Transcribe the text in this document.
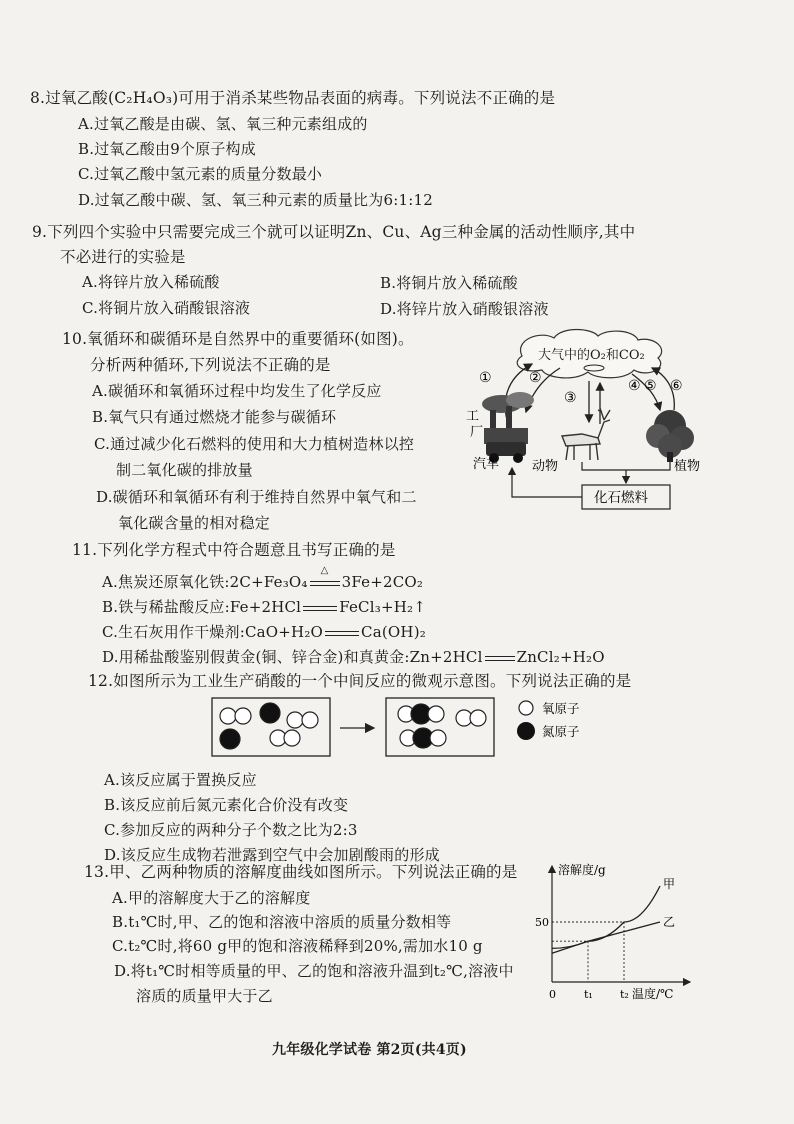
8.过氧乙酸(C₂H₄O₃)可用于消杀某些物品表面的病毒。下列说法不正确的是
A.过氧乙酸是由碳、氢、氧三种元素组成的
B.过氧乙酸由9个原子构成
C.过氧乙酸中氢元素的质量分数最小
D.过氧乙酸中碳、氢、氧三种元素的质量比为6:1:12
9.下列四个实验中只需要完成三个就可以证明Zn、Cu、Ag三种金属的活动性顺序,其中
不必进行的实验是
A.将锌片放入稀硫酸	B.将铜片放入稀硫酸
C.将铜片放入硝酸银溶液	D.将锌片放入硝酸银溶液
10.氧循环和碳循环是自然界中的重要循环(如图)。
分析两种循环,下列说法不正确的是
A.碳循环和氧循环过程中均发生了化学反应
B.氧气只有通过燃烧才能参与碳循环
C.通过减少化石燃料的使用和大力植树造林以控
制二氧化碳的排放量
D.碳循环和氧循环有利于维持自然界中氧气和二
氧化碳含量的相对稳定
大气中的O₂和CO₂
①	②
③
④ ⑤ ⑥
工
厂
汽车	动物	植物
化石燃料
11.下列化学方程式中符合题意且书写正确的是
A.焦炭还原氧化铁:2C+Fe₃O₄
△
3Fe+2CO₂
B.铁与稀盐酸反应:Fe+2HCl	FeCl₃+H₂↑
C.生石灰用作干燥剂:CaO+H₂O	Ca(OH)₂
D.用稀盐酸鉴别假黄金(铜、锌合金)和真黄金:Zn+2HCl ZnCl₂+H₂O
12.如图所示为工业生产硝酸的一个中间反应的微观示意图。下列说法正确的是
氧原子
氮原子
A.该反应属于置换反应
B.该反应前后氮元素化合价没有改变
C.参加反应的两种分子个数之比为2:3
D.该反应生成物若泄露到空气中会加剧酸雨的形成
13.甲、乙两种物质的溶解度曲线如图所示。下列说法正确的是
A.甲的溶解度大于乙的溶解度
B.t₁℃时,甲、乙的饱和溶液中溶质的质量分数相等
C.t₂℃时,将60 g甲的饱和溶液稀释到20%,需加水10 g
D.将t₁℃时相等质量的甲、乙的饱和溶液升温到t₂℃,溶液中
溶质的质量甲大于乙
溶解度/g
温度/℃
0
甲
乙
50
t₁ t₂
九年级化学试卷 第2页(共4页)
